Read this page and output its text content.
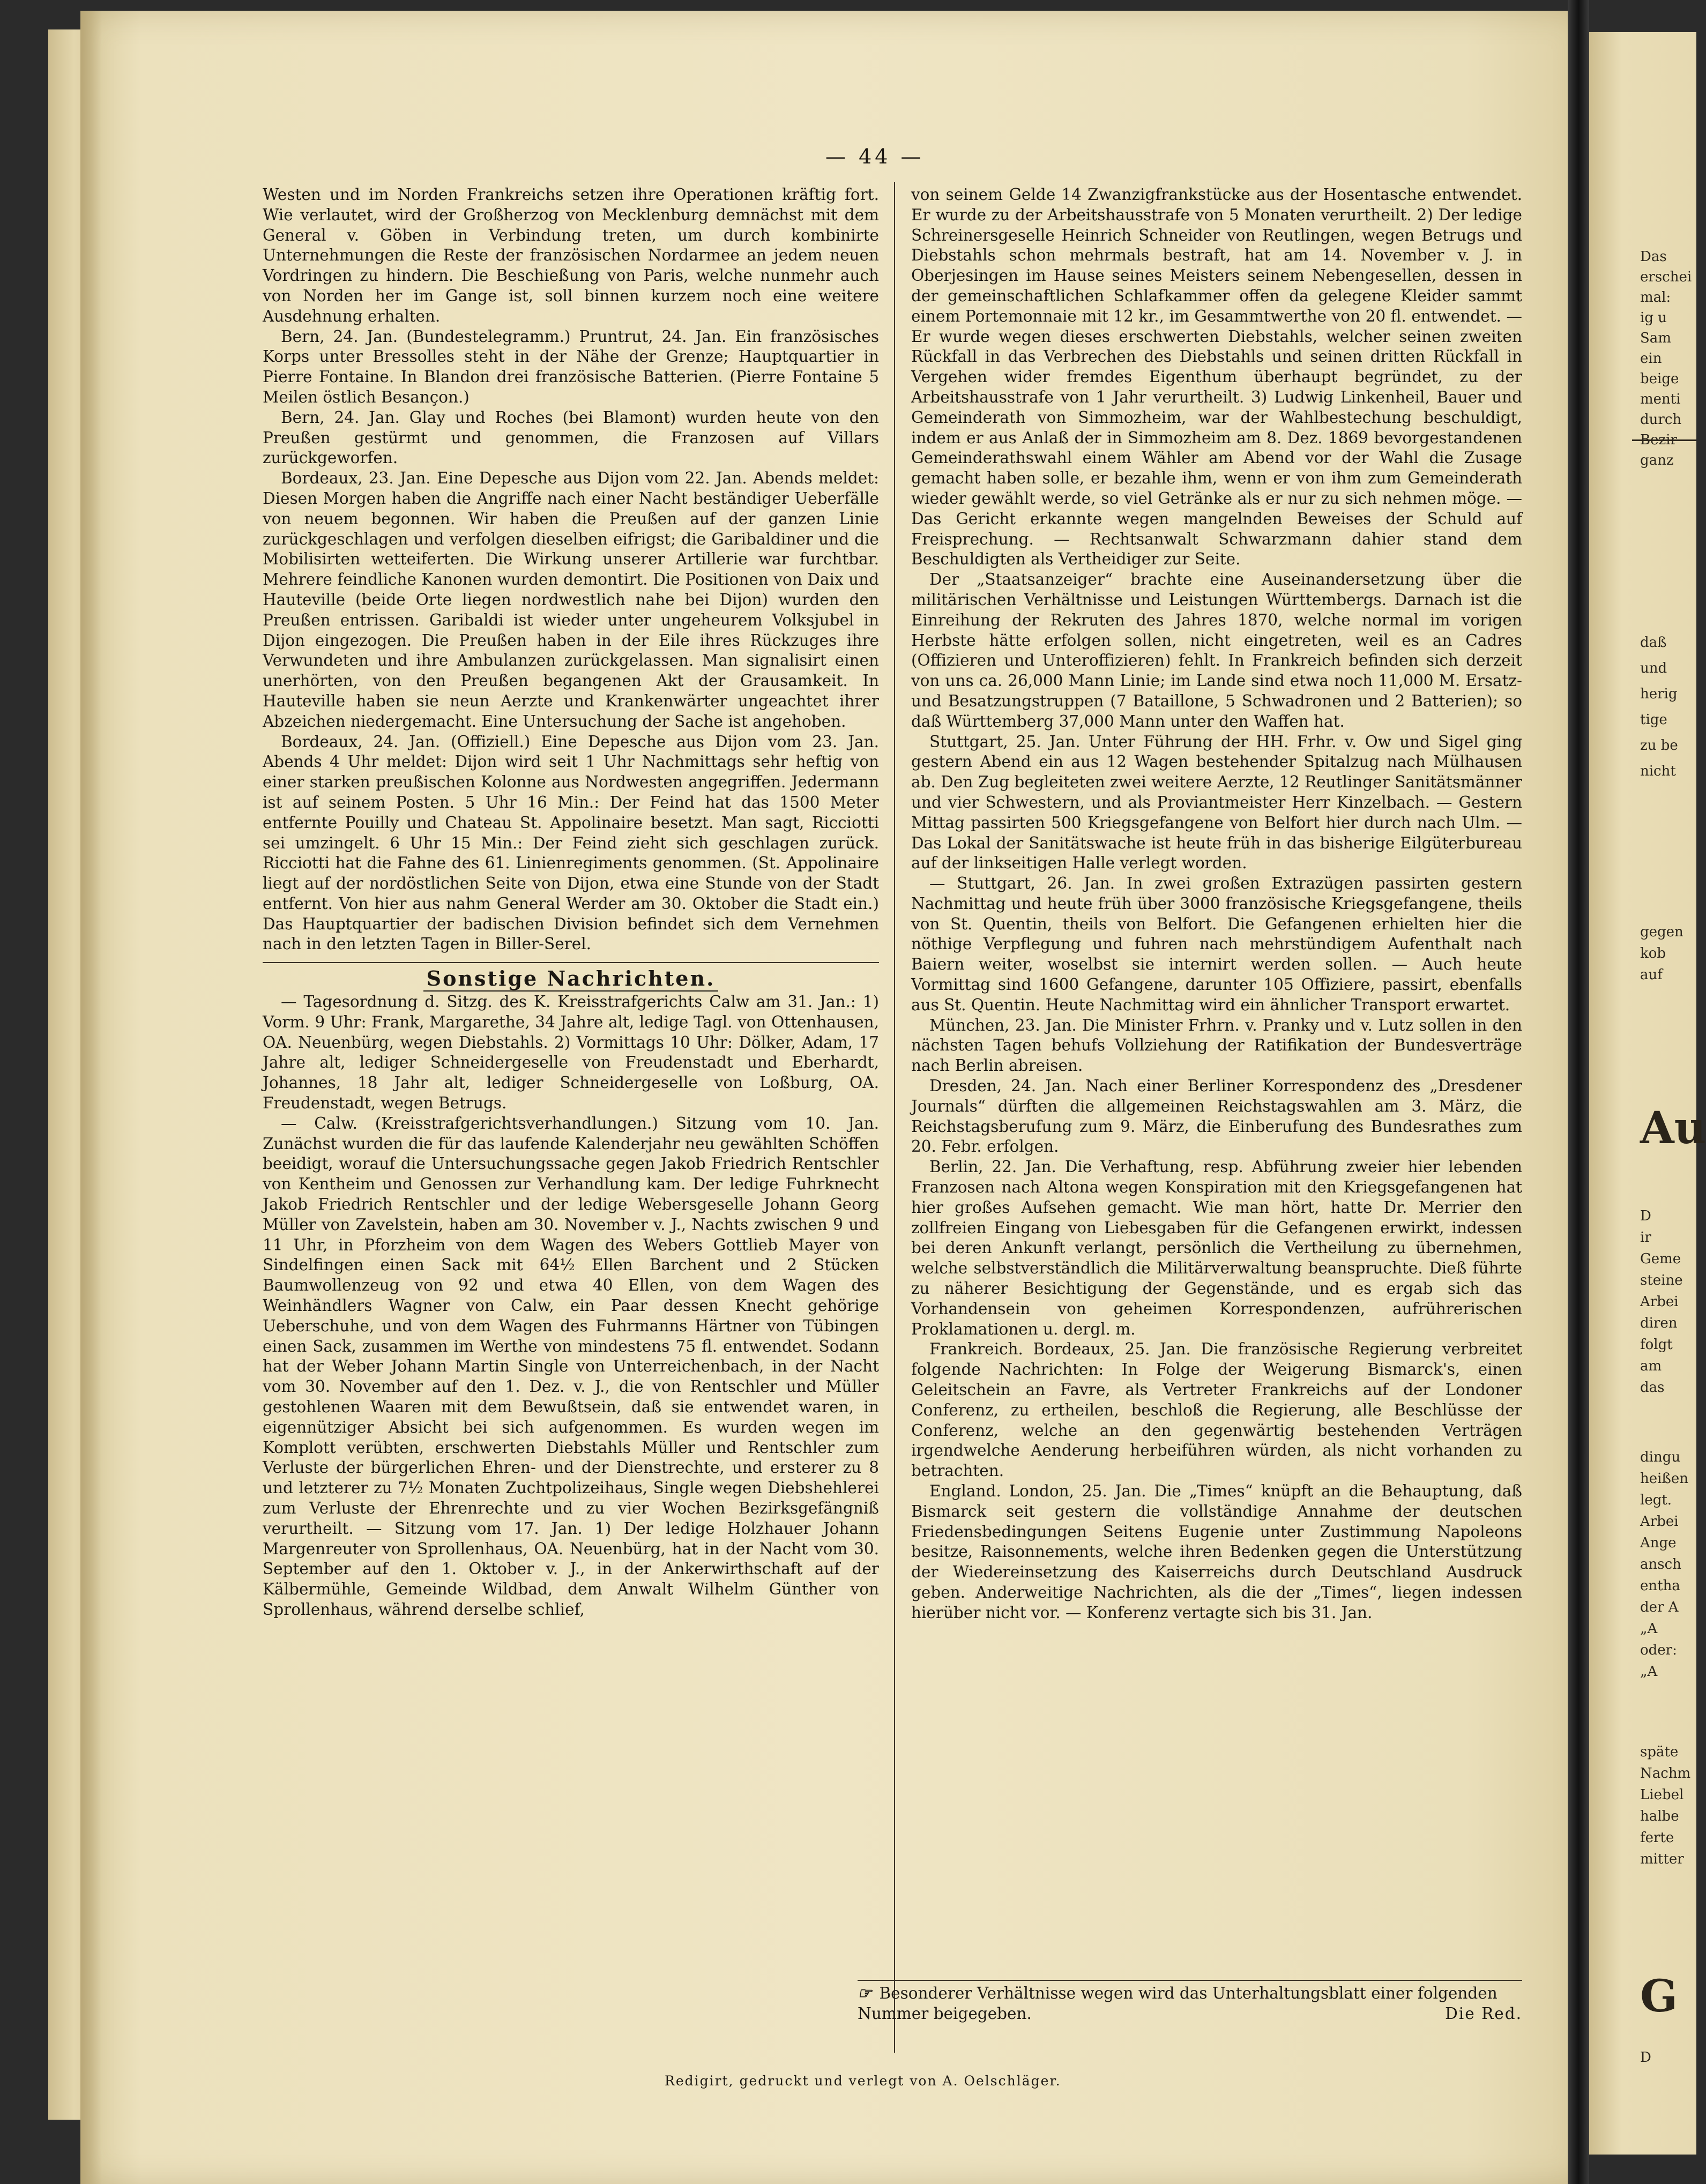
— 44 —

Westen und im Norden Frankreichs setzen ihre Operationen kräftig fort. Wie verlautet, wird der Großherzog von Mecklenburg demnächst mit dem General v. Göben in Verbindung treten, um durch kombinirte Unternehmungen die Reste der französischen Nordarmee an jedem neuen Vordringen zu hindern. Die Beschießung von Paris, welche nunmehr auch von Norden her im Gange ist, soll binnen kurzem noch eine weitere Ausdehnung erhalten.

Bern, 24. Jan. (Bundestelegramm.) Pruntrut, 24. Jan. Ein französisches Korps unter Bressolles steht in der Nähe der Grenze; Hauptquartier in Pierre Fontaine. In Blandon drei französische Batterien. (Pierre Fontaine 5 Meilen östlich Besançon.)

Bern, 24. Jan. Glay und Roches (bei Blamont) wurden heute von den Preußen gestürmt und genommen, die Franzosen auf Villars zurückgeworfen.

Bordeaux, 23. Jan. Eine Depesche aus Dijon vom 22. Jan. Abends meldet: Diesen Morgen haben die Angriffe nach einer Nacht beständiger Ueberfälle von neuem begonnen. Wir haben die Preußen auf der ganzen Linie zurückgeschlagen und verfolgen dieselben eifrigst; die Garibaldiner und die Mobilisirten wetteiferten. Die Wirkung unserer Artillerie war furchtbar. Mehrere feindliche Kanonen wurden demontirt. Die Positionen von Daix und Hauteville (beide Orte liegen nordwestlich nahe bei Dijon) wurden den Preußen entrissen. Garibaldi ist wieder unter ungeheurem Volksjubel in Dijon eingezogen. Die Preußen haben in der Eile ihres Rückzuges ihre Verwundeten und ihre Ambulanzen zurückgelassen. Man signalisirt einen unerhörten, von den Preußen begangenen Akt der Grausamkeit. In Hauteville haben sie neun Aerzte und Krankenwärter ungeachtet ihrer Abzeichen niedergemacht. Eine Untersuchung der Sache ist angehoben.

Bordeaux, 24. Jan. (Offiziell.) Eine Depesche aus Dijon vom 23. Jan. Abends 4 Uhr meldet: Dijon wird seit 1 Uhr Nachmittags sehr heftig von einer starken preußischen Kolonne aus Nordwesten angegriffen. Jedermann ist auf seinem Posten. 5 Uhr 16 Min.: Der Feind hat das 1500 Meter entfernte Pouilly und Chateau St. Appolinaire besetzt. Man sagt, Ricciotti sei umzingelt. 6 Uhr 15 Min.: Der Feind zieht sich geschlagen zurück. Ricciotti hat die Fahne des 61. Linienregiments genommen. (St. Appolinaire liegt auf der nordöstlichen Seite von Dijon, etwa eine Stunde von der Stadt entfernt. Von hier aus nahm General Werder am 30. Oktober die Stadt ein.) Das Hauptquartier der badischen Division befindet sich dem Vernehmen nach in den letzten Tagen in Biller-Serel.

Sonstige Nachrichten.

— Tagesordnung d. Sitzg. des K. Kreisstrafgerichts Calw am 31. Jan.: 1) Vorm. 9 Uhr: Frank, Margarethe, 34 Jahre alt, ledige Tagl. von Ottenhausen, OA. Neuenbürg, wegen Diebstahls. 2) Vormittags 10 Uhr: Dölker, Adam, 17 Jahre alt, lediger Schneidergeselle von Freudenstadt und Eberhardt, Johannes, 18 Jahr alt, lediger Schneidergeselle von Loßburg, OA. Freudenstadt, wegen Betrugs.

— Calw. (Kreisstrafgerichtsverhandlungen.) Sitzung vom 10. Jan. Zunächst wurden die für das laufende Kalenderjahr neu gewählten Schöffen beeidigt, worauf die Untersuchungssache gegen Jakob Friedrich Rentschler von Kentheim und Genossen zur Verhandlung kam. Der ledige Fuhrknecht Jakob Friedrich Rentschler und der ledige Webersgeselle Johann Georg Müller von Zavelstein, haben am 30. November v. J., Nachts zwischen 9 und 11 Uhr, in Pforzheim von dem Wagen des Webers Gottlieb Mayer von Sindelfingen einen Sack mit 64½ Ellen Barchent und 2 Stücken Baumwollenzeug von 92 und etwa 40 Ellen, von dem Wagen des Weinhändlers Wagner von Calw, ein Paar dessen Knecht gehörige Ueberschuhe, und von dem Wagen des Fuhrmanns Härtner von Tübingen einen Sack, zusammen im Werthe von mindestens 75 fl. entwendet. Sodann hat der Weber Johann Martin Single von Unterreichenbach, in der Nacht vom 30. November auf den 1. Dez. v. J., die von Rentschler und Müller gestohlenen Waaren mit dem Bewußtsein, daß sie entwendet waren, in eigennütziger Absicht bei sich aufgenommen. Es wurden wegen im Komplott verübten, erschwerten Diebstahls Müller und Rentschler zum Verluste der bürgerlichen Ehren- und der Dienstrechte, und ersterer zu 8 und letzterer zu 7½ Monaten Zuchtpolizeihaus, Single wegen Diebshehlerei zum Verluste der Ehrenrechte und zu vier Wochen Bezirksgefängniß verurtheilt. — Sitzung vom 17. Jan. 1) Der ledige Holzhauer Johann Margenreuter von Sprollenhaus, OA. Neuenbürg, hat in der Nacht vom 30. September auf den 1. Oktober v. J., in der Ankerwirthschaft auf der Kälbermühle, Gemeinde Wildbad, dem Anwalt Wilhelm Günther von Sprollenhaus, während derselbe schlief,

von seinem Gelde 14 Zwanzigfrankstücke aus der Hosentasche entwendet. Er wurde zu der Arbeitshausstrafe von 5 Monaten verurtheilt. 2) Der ledige Schreinersgeselle Heinrich Schneider von Reutlingen, wegen Betrugs und Diebstahls schon mehrmals bestraft, hat am 14. November v. J. in Oberjesingen im Hause seines Meisters seinem Nebengesellen, dessen in der gemeinschaftlichen Schlafkammer offen da gelegene Kleider sammt einem Portemonnaie mit 12 kr., im Gesammtwerthe von 20 fl. entwendet. — Er wurde wegen dieses erschwerten Diebstahls, welcher seinen zweiten Rückfall in das Verbrechen des Diebstahls und seinen dritten Rückfall in Vergehen wider fremdes Eigenthum überhaupt begründet, zu der Arbeitshausstrafe von 1 Jahr verurtheilt. 3) Ludwig Linkenheil, Bauer und Gemeinderath von Simmozheim, war der Wahlbestechung beschuldigt, indem er aus Anlaß der in Simmozheim am 8. Dez. 1869 bevorgestandenen Gemeinderathswahl einem Wähler am Abend vor der Wahl die Zusage gemacht haben solle, er bezahle ihm, wenn er von ihm zum Gemeinderath wieder gewählt werde, so viel Getränke als er nur zu sich nehmen möge. — Das Gericht erkannte wegen mangelnden Beweises der Schuld auf Freisprechung. — Rechtsanwalt Schwarzmann dahier stand dem Beschuldigten als Vertheidiger zur Seite.

Der „Staatsanzeiger“ brachte eine Auseinandersetzung über die militärischen Verhältnisse und Leistungen Württembergs. Darnach ist die Einreihung der Rekruten des Jahres 1870, welche normal im vorigen Herbste hätte erfolgen sollen, nicht eingetreten, weil es an Cadres (Offizieren und Unteroffizieren) fehlt. In Frankreich befinden sich derzeit von uns ca. 26,000 Mann Linie; im Lande sind etwa noch 11,000 M. Ersatz- und Besatzungstruppen (7 Bataillone, 5 Schwadronen und 2 Batterien); so daß Württemberg 37,000 Mann unter den Waffen hat.

Stuttgart, 25. Jan. Unter Führung der HH. Frhr. v. Ow und Sigel ging gestern Abend ein aus 12 Wagen bestehender Spitalzug nach Mülhausen ab. Den Zug begleiteten zwei weitere Aerzte, 12 Reutlinger Sanitätsmänner und vier Schwestern, und als Proviantmeister Herr Kinzelbach. — Gestern Mittag passirten 500 Kriegsgefangene von Belfort hier durch nach Ulm. — Das Lokal der Sanitätswache ist heute früh in das bisherige Eilgüterbureau auf der linkseitigen Halle verlegt worden.

— Stuttgart, 26. Jan. In zwei großen Extrazügen passirten gestern Nachmittag und heute früh über 3000 französische Kriegsgefangene, theils von St. Quentin, theils von Belfort. Die Gefangenen erhielten hier die nöthige Verpflegung und fuhren nach mehrstündigem Aufenthalt nach Baiern weiter, woselbst sie internirt werden sollen. — Auch heute Vormittag sind 1600 Gefangene, darunter 105 Offiziere, passirt, ebenfalls aus St. Quentin. Heute Nachmittag wird ein ähnlicher Transport erwartet.

München, 23. Jan. Die Minister Frhrn. v. Pranky und v. Lutz sollen in den nächsten Tagen behufs Vollziehung der Ratifikation der Bundesverträge nach Berlin abreisen.

Dresden, 24. Jan. Nach einer Berliner Korrespondenz des „Dresdener Journals“ dürften die allgemeinen Reichstagswahlen am 3. März, die Reichstagsberufung zum 9. März, die Einberufung des Bundesrathes zum 20. Febr. erfolgen.

Berlin, 22. Jan. Die Verhaftung, resp. Abführung zweier hier lebenden Franzosen nach Altona wegen Konspiration mit den Kriegsgefangenen hat hier großes Aufsehen gemacht. Wie man hört, hatte Dr. Merrier den zollfreien Eingang von Liebesgaben für die Gefangenen erwirkt, indessen bei deren Ankunft verlangt, persönlich die Vertheilung zu übernehmen, welche selbstverständlich die Militärverwaltung beanspruchte. Dieß führte zu näherer Besichtigung der Gegenstände, und es ergab sich das Vorhandensein von geheimen Korrespondenzen, aufrührerischen Proklamationen u. dergl. m.

Frankreich. Bordeaux, 25. Jan. Die französische Regierung verbreitet folgende Nachrichten: In Folge der Weigerung Bismarck's, einen Geleitschein an Favre, als Vertreter Frankreichs auf der Londoner Conferenz, zu ertheilen, beschloß die Regierung, alle Beschlüsse der Conferenz, welche an den gegenwärtig bestehenden Verträgen irgendwelche Aenderung herbeiführen würden, als nicht vorhanden zu betrachten.

England. London, 25. Jan. Die „Times“ knüpft an die Behauptung, daß Bismarck seit gestern die vollständige Annahme der deutschen Friedensbedingungen Seitens Eugenie unter Zustimmung Napoleons besitze, Raisonnements, welche ihren Bedenken gegen die Unterstützung der Wiedereinsetzung des Kaiserreichs durch Deutschland Ausdruck geben. Anderweitige Nachrichten, als die der „Times“, liegen indessen hierüber nicht vor. — Konferenz vertagte sich bis 31. Jan.

☞ Besonderer Verhältnisse wegen wird das Unterhaltungsblatt einer folgenden Nummer beigegeben.	Die Red.
Redigirt, gedruckt und verlegt von A. Oelschläger.
Das
erschei
mal:
ig u
Sam
ein
beige
menti
durch
Bezir
ganz
daß
und
herig
tige
zu be
nicht
gegen
kob
auf
Au
D
ir
Geme
steine
Arbei
diren
folgt
am
das
dingu
heißen
legt.
Arbei
Ange
ansch
entha
der A
„A
oder:
„A
späte
Nachm
Liebel
halbe
ferte
mitter
G
D
